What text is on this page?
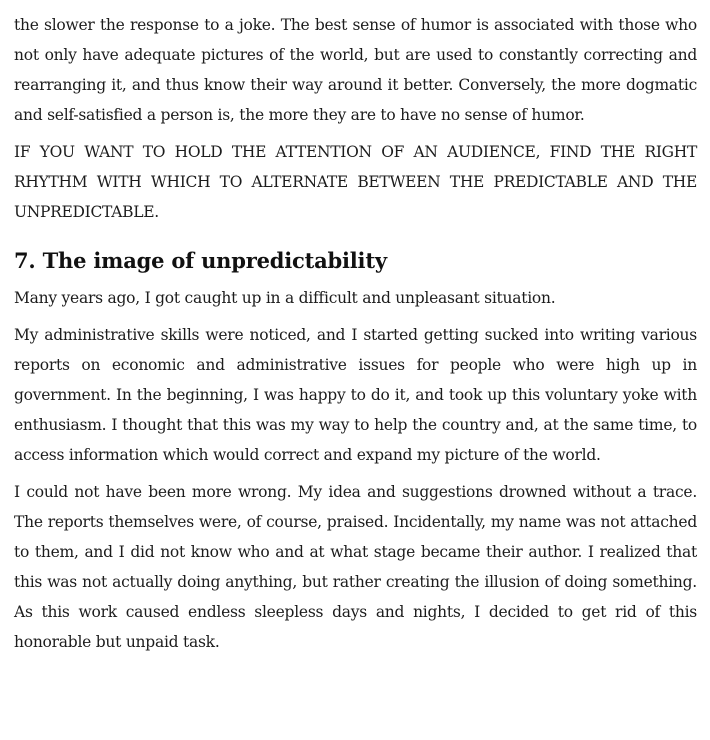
the slower the response to a joke. The best sense of humor is associated with those who not only have adequate pictures of the world, but are used to constantly correcting and rearranging it, and thus know their way around it better. Conversely, the more dogmatic and self-satisfied a person is, the more they are to have no sense of humor.

IF YOU WANT TO HOLD THE ATTENTION OF AN AUDIENCE, FIND THE RIGHT RHYTHM WITH WHICH TO ALTERNATE BETWEEN THE PREDICTABLE AND THE UNPREDICTABLE.

7. The image of unpredictability

Many years ago, I got caught up in a difficult and unpleasant situation.

My administrative skills were noticed, and I started getting sucked into writing various reports on economic and administrative issues for people who were high up in government. In the beginning, I was happy to do it, and took up this voluntary yoke with enthusiasm. I thought that this was my way to help the country and, at the same time, to access information which would correct and expand my picture of the world.

I could not have been more wrong. My idea and suggestions drowned without a trace. The reports themselves were, of course, praised. Incidentally, my name was not attached to them, and I did not know who and at what stage became their author. I realized that this was not actually doing anything, but rather creating the illusion of doing something. As this work caused endless sleepless days and nights, I decided to get rid of this honorable but unpaid task.
